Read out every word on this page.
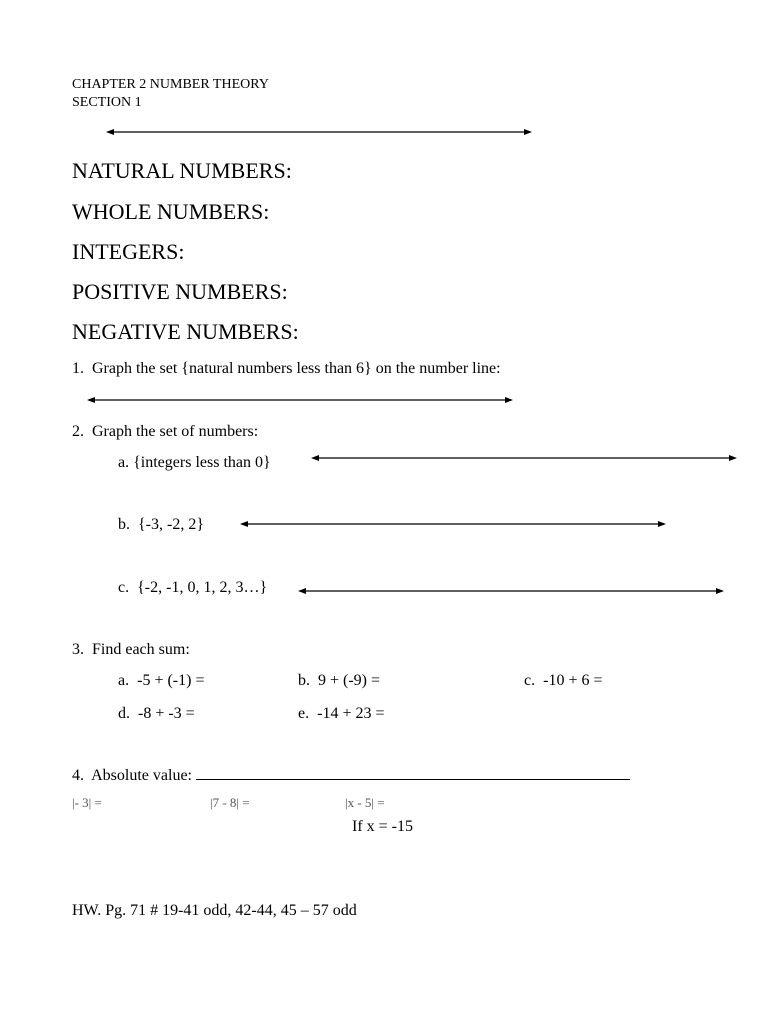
CHAPTER 2 NUMBER THEORY
SECTION 1
NATURAL NUMBERS:
WHOLE NUMBERS:
INTEGERS:
POSITIVE NUMBERS:
NEGATIVE NUMBERS:
1. Graph the set {natural numbers less than 6} on the number line:
2. Graph the set of numbers:
a. {integers less than 0}
b. {-3, -2, 2}
c. {-2, -1, 0, 1, 2, 3…}
3. Find each sum:
a. -5 + (-1) =	b. 9 + (-9) =	c. -10 + 6 =
d. -8 + -3 =	e. -14 + 23 =
4. Absolute value:
|- 3| =	|7 - 8| =	|x - 5| =
If x = -15
HW. Pg. 71 # 19-41 odd, 42-44, 45 – 57 odd
